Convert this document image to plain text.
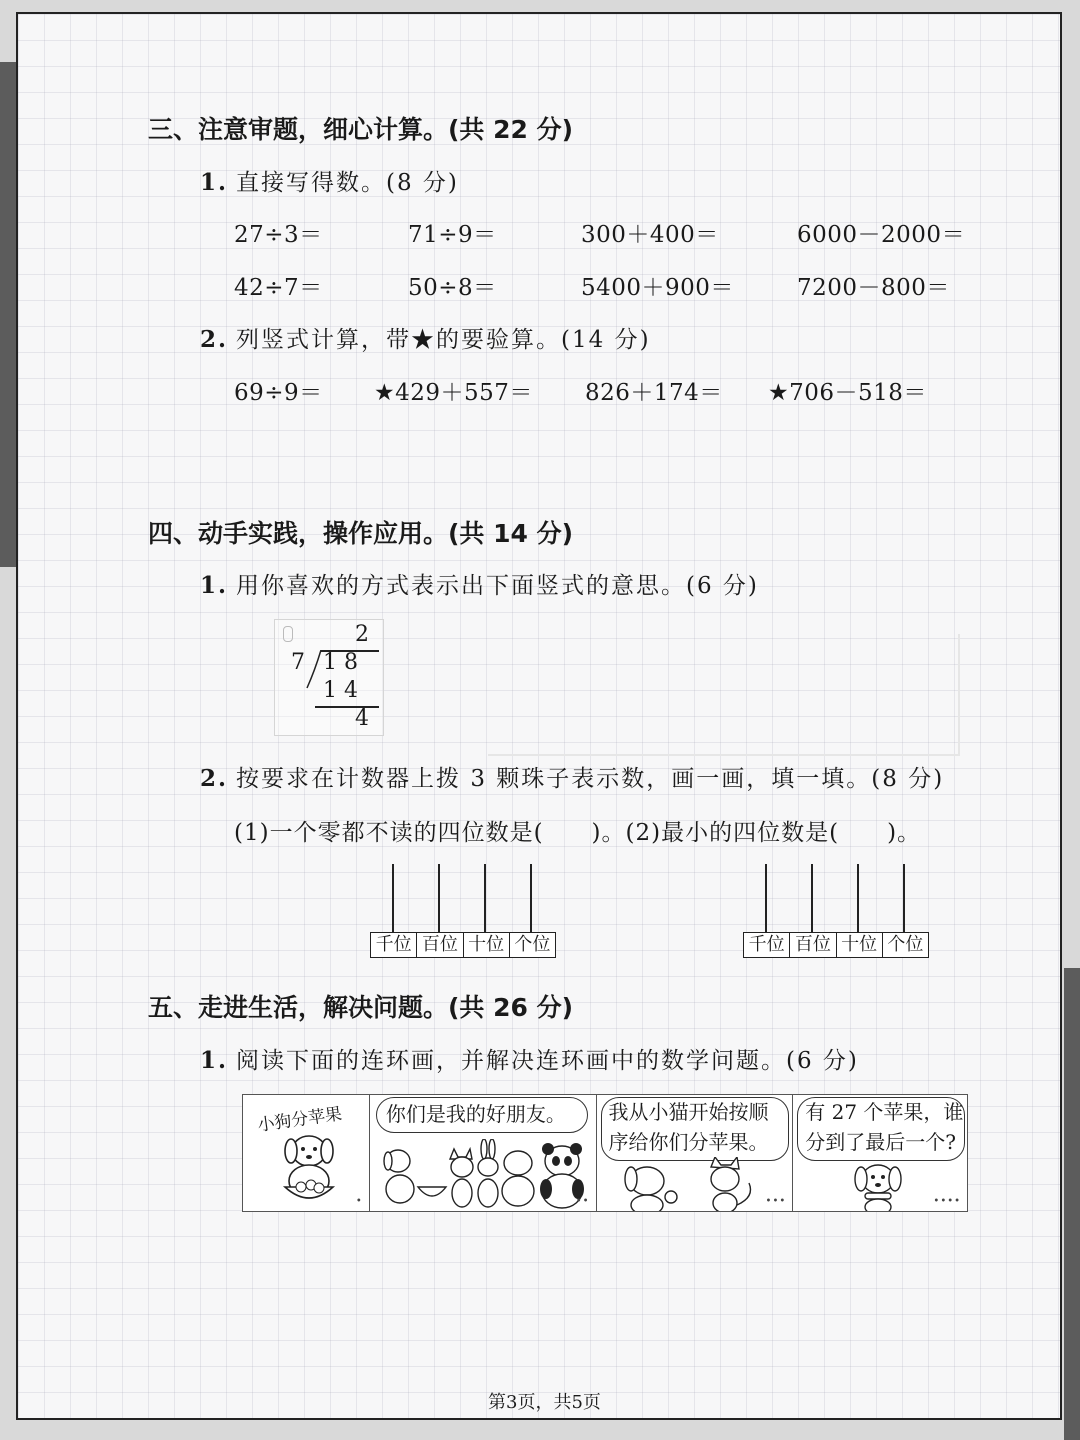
三、注意审题，细心计算。(共 22 分)
1. 直接写得数。(8 分)
27÷3＝	71÷9＝	300＋400＝	6000－2000＝
42÷7＝	50÷8＝	5400＋900＝	7200－800＝
2. 列竖式计算，带★的要验算。(14 分)
69÷9＝ ★429＋557＝ 826＋174＝ ★706－518＝
四、动手实践，操作应用。(共 14 分)
1. 用你喜欢的方式表示出下面竖式的意思。(6 分)
2
7 1 8
1 4
4
2. 按要求在计数器上拨 3 颗珠子表示数，画一画，填一填。(8 分)
(1)一个零都不读的四位数是(　　)。(2)最小的四位数是(　　)。
千位 百位 十位 个位	千位 百位 十位 个位
五、走进生活，解决问题。(共 26 分)
1. 阅读下面的连环画，并解决连环画中的数学问题。(6 分)
小狗分苹果
•
你们是我的好朋友。
••
我从小猫开始按顺序给你们分苹果。
•••
有 27 个苹果，谁分到了最后一个?
••••
第3页，共5页
